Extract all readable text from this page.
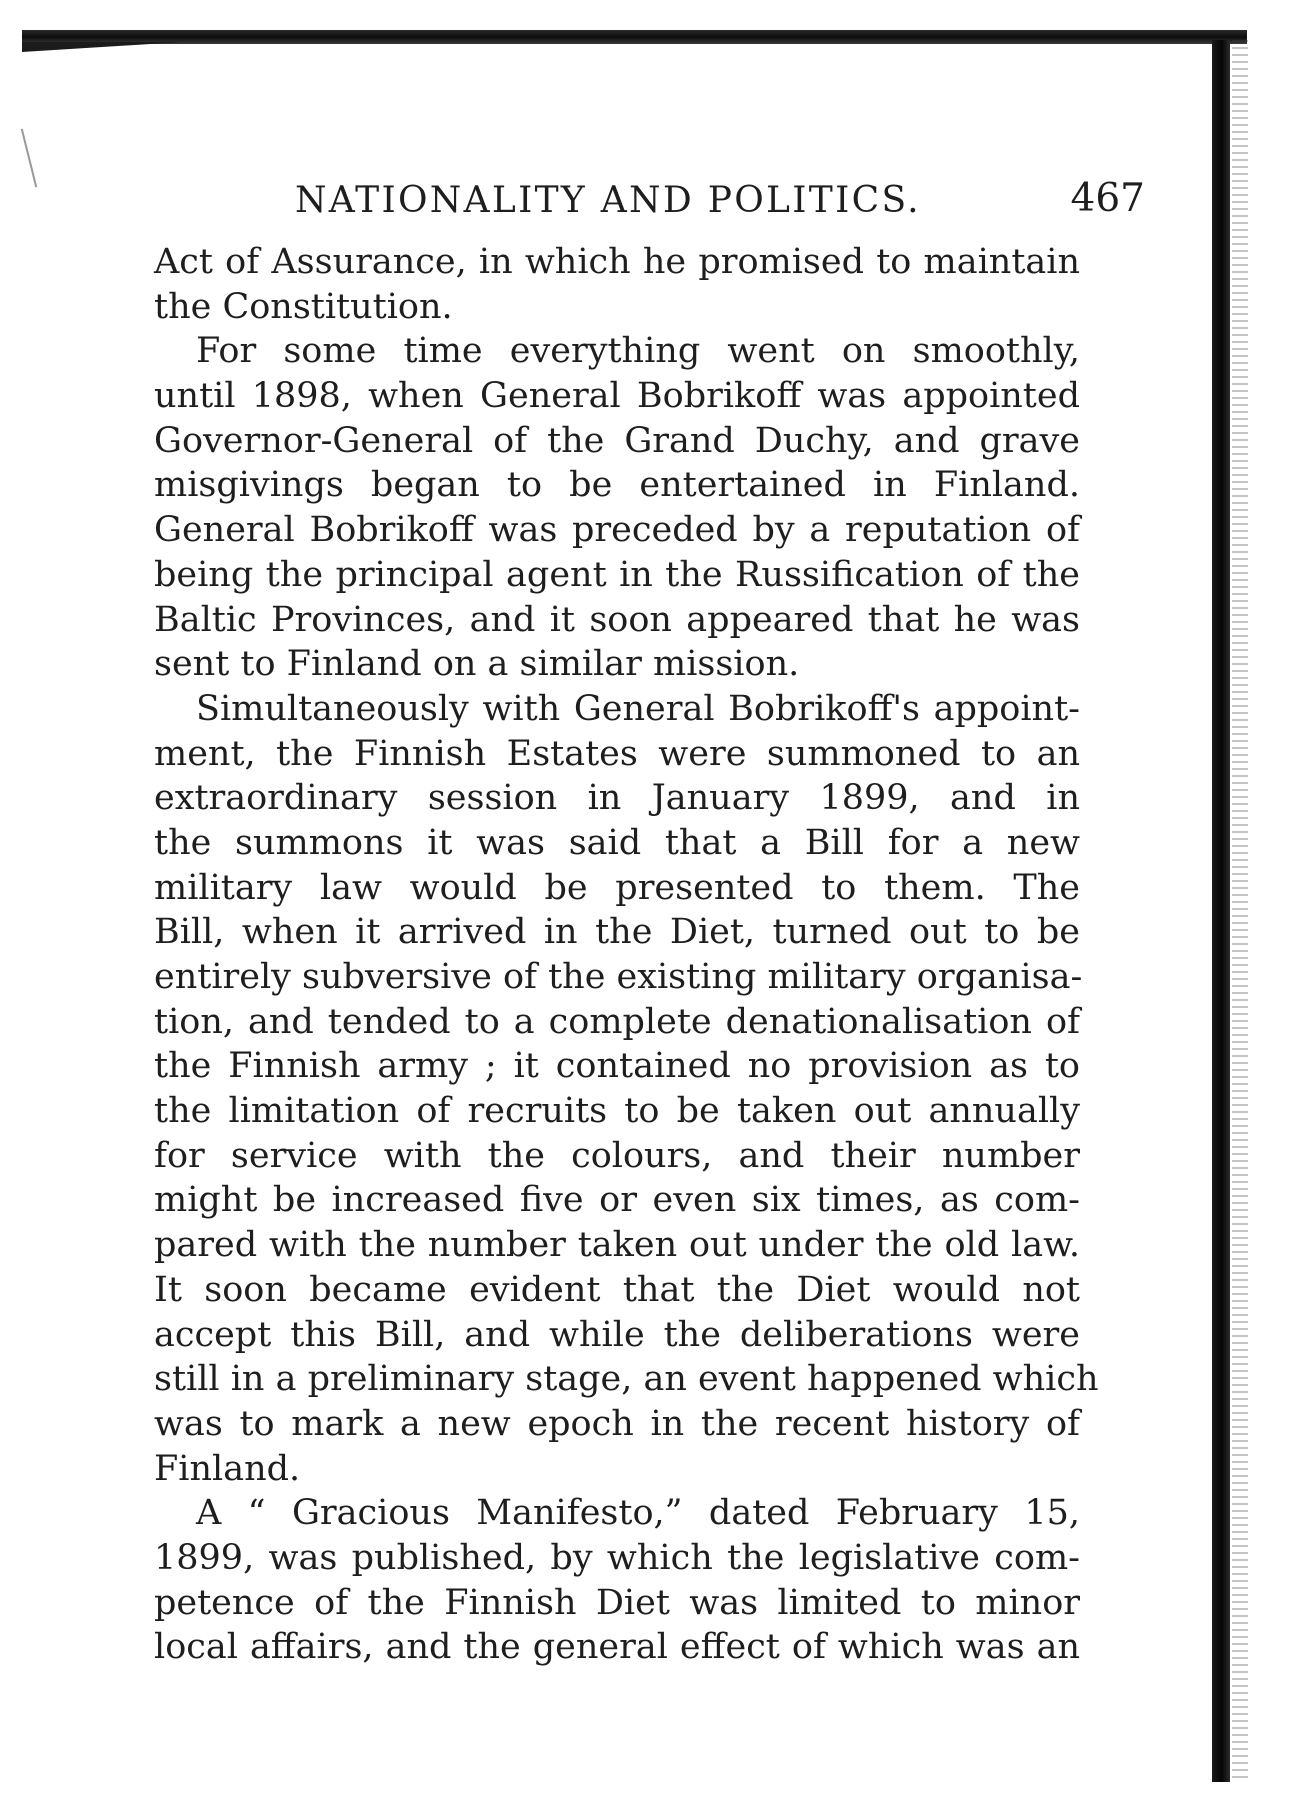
NATIONALITY AND POLITICS.	467
Act of Assurance, in which he promised to maintain
the Constitution.
For some time everything went on smoothly,
until 1898, when General Bobrikoff was appointed
Governor-General of the Grand Duchy, and grave
misgivings began to be entertained in Finland.
General Bobrikoff was preceded by a reputation of
being the principal agent in the Russification of the
Baltic Provinces, and it soon appeared that he was
sent to Finland on a similar mission.
Simultaneously with General Bobrikoff's appoint-
ment, the Finnish Estates were summoned to an
extraordinary session in January 1899, and in
the summons it was said that a Bill for a new
military law would be presented to them. The
Bill, when it arrived in the Diet, turned out to be
entirely subversive of the existing military organisa-
tion, and tended to a complete denationalisation of
the Finnish army ; it contained no provision as to
the limitation of recruits to be taken out annually
for service with the colours, and their number
might be increased five or even six times, as com-
pared with the number taken out under the old law.
It soon became evident that the Diet would not
accept this Bill, and while the deliberations were
still in a preliminary stage, an event happened which
was to mark a new epoch in the recent history of
Finland.
A “ Gracious Manifesto,” dated February 15,
1899, was published, by which the legislative com-
petence of the Finnish Diet was limited to minor
local affairs, and the general effect of which was an
